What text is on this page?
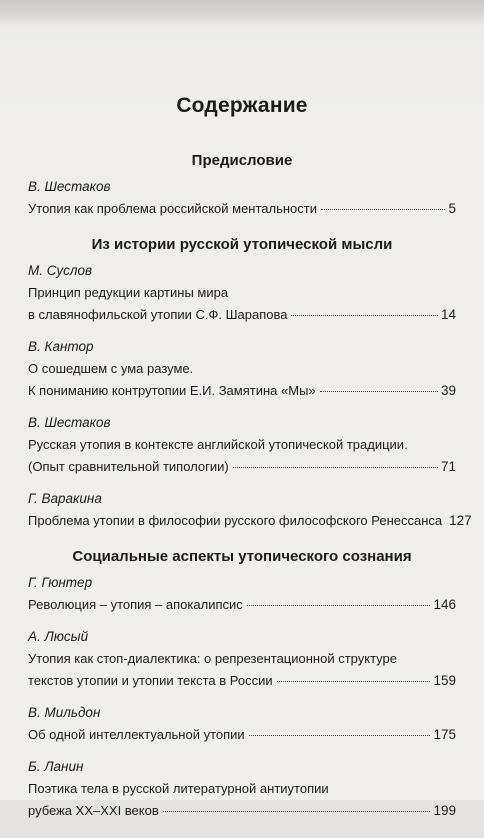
Содержание
Предисловие
В. Шестаков
Утопия как проблема российской ментальности	5
Из истории русской утопической мысли
М. Суслов
Принцип редукции картины мира
в славянофильской утопии С.Ф. Шарапова	14
В. Кантор
О сошедшем с ума разуме.
К пониманию контрутопии Е.И. Замятина «Мы»	39
В. Шестаков
Русская утопия в контексте английской утопической традиции.
(Опыт сравнительной типологии)	71
Г. Варакина
Проблема утопии в философии русского философского Ренессанса 127
Социальные аспекты утопического сознания
Г. Гюнтер
Революция – утопия – апокалипсис	146
А. Люсый
Утопия как стоп-диалектика: о репрезентационной структуре
текстов утопии и утопии текста в России	159
В. Мильдон
Об одной интеллектуальной утопии	175
Б. Ланин
Поэтика тела в русской литературной антиутопии
рубежа XX–XXI веков	199
